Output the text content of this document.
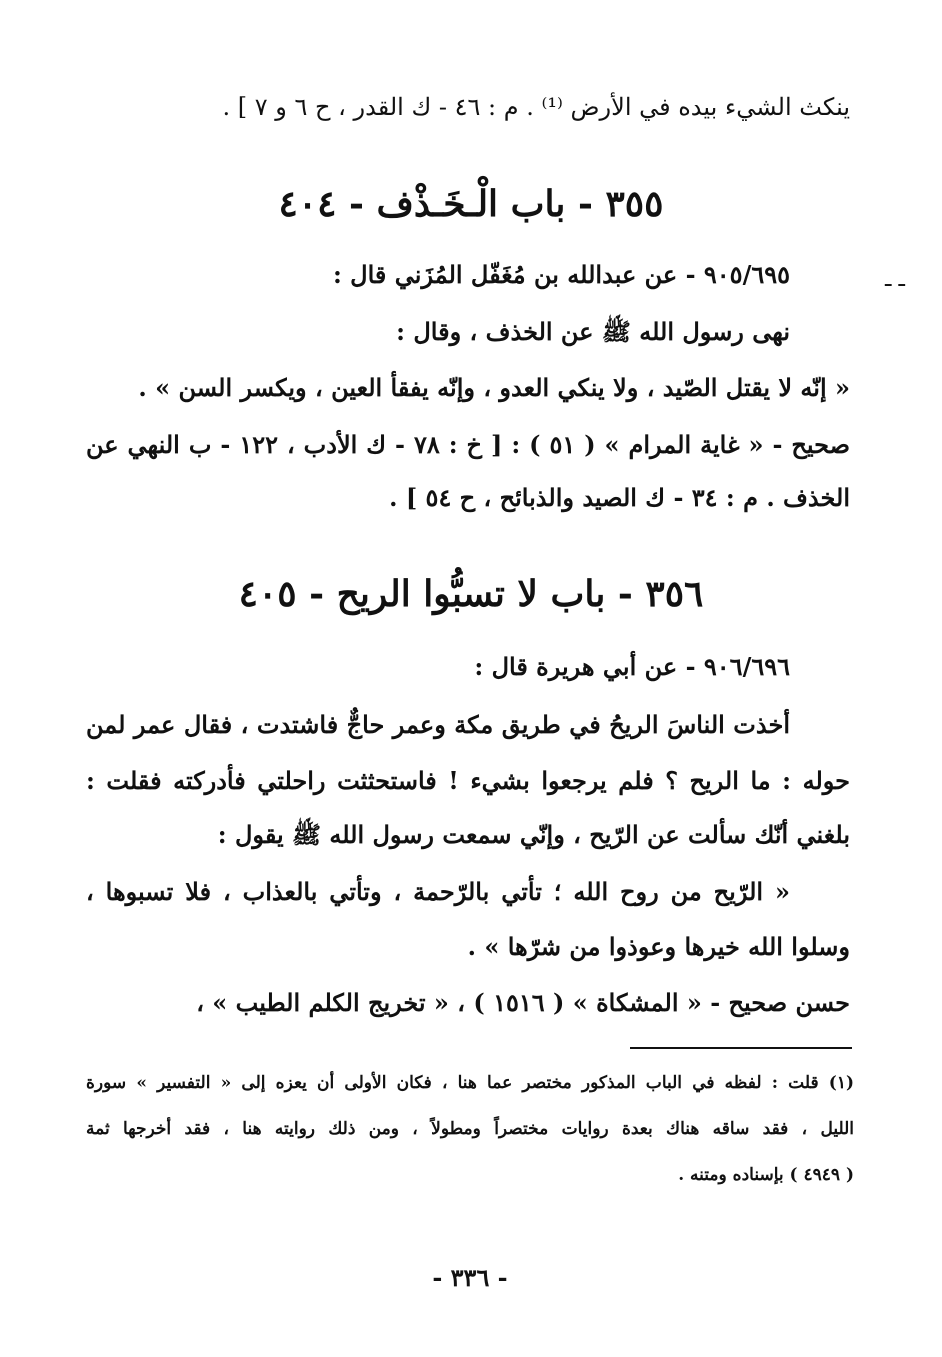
ينكث الشيء بيده في الأرض ⁽¹⁾ . م : ٤٦ - ك القدر ، ح ٦ و ٧ ] .
٣٥٥ - باب الْـخَـذْف - ٤٠٤
ـ ـ
٩٠٥/٦٩٥ - عن عبدالله بن مُغَفّل المُزَني قال :
نهى رسول الله ﷺ عن الخذف ، وقال :
« إنّه لا يقتل الصّيد ، ولا ينكي العدو ، وإنّه يفقأ العين ، ويكسر السن » .
صحيح - « غاية المرام » ( ٥١ ) : [ خ : ٧٨ - ك الأدب ، ١٢٢ - ب النهي عن
الخذف . م : ٣٤ - ك الصيد والذبائح ، ح ٥٤ ] .
٣٥٦ - باب لا تسبُّوا الريح - ٤٠٥
٩٠٦/٦٩٦ - عن أبي هريرة قال :
أخذت الناسَ الريحُ في طريق مكة وعمر حاجٌّ فاشتدت ، فقال عمر لمن
حوله : ما الريح ؟ فلم يرجعوا بشيء ! فاستحثثت راحلتي فأدركته فقلت :
بلغني أنّك سألت عن الرّيح ، وإنّي سمعت رسول الله ﷺ يقول :
« الرّيح من روح الله ؛ تأتي بالرّحمة ، وتأتي بالعذاب ، فلا تسبوها ،
وسلوا الله خيرها وعوذوا من شرّها » .
حسن صحيح - « المشكاة » ( ١٥١٦ ) ، « تخريج الكلم الطيب » ،
(١) قلت : لفظه في الباب المذكور مختصر عما هنا ، فكان الأولى أن يعزه إلى « التفسير » سورة
الليل ، فقد ساقه هناك بعدة روايات مختصراً ومطولاً ، ومن ذلك روايته هنا ، فقد أخرجها ثمة
( ٤٩٤٩ ) بإسناده ومتنه .
- ٣٣٦ -
